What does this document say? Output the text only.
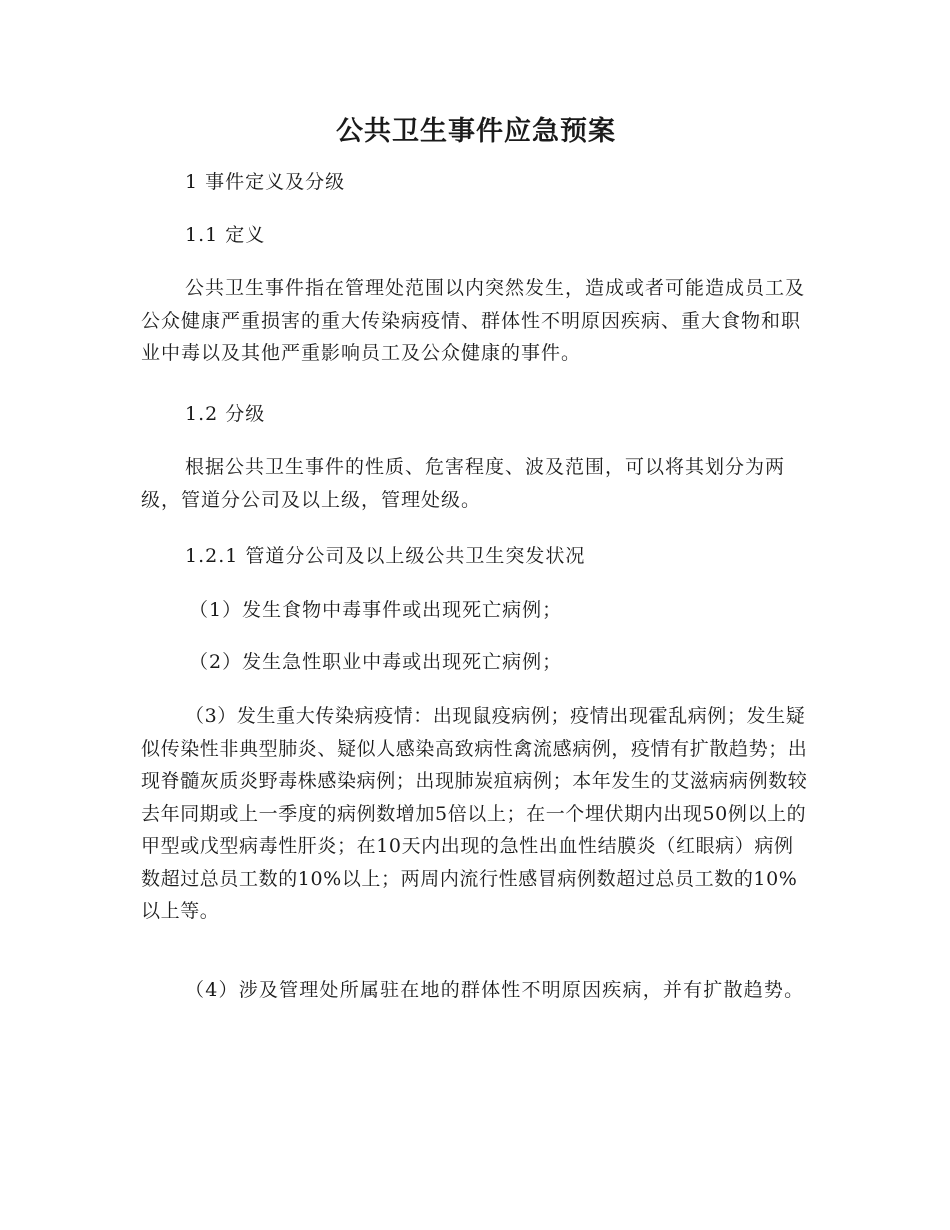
公共卫生事件应急预案

1 事件定义及分级

1.1 定义

公共卫生事件指在管理处范围以内突然发生，造成或者可能造成员工及公众健康严重损害的重大传染病疫情、群体性不明原因疾病、重大食物和职业中毒以及其他严重影响员工及公众健康的事件。

1.2 分级

根据公共卫生事件的性质、危害程度、波及范围，可以将其划分为两级，管道分公司及以上级，管理处级。

1.2.1 管道分公司及以上级公共卫生突发状况

（1）发生食物中毒事件或出现死亡病例；

（2）发生急性职业中毒或出现死亡病例；

（3）发生重大传染病疫情：出现鼠疫病例；疫情出现霍乱病例；发生疑似传染性非典型肺炎、疑似人感染高致病性禽流感病例，疫情有扩散趋势；出现脊髓灰质炎野毒株感染病例；出现肺炭疽病例；本年发生的艾滋病病例数较去年同期或上一季度的病例数增加5倍以上；在一个埋伏期内出现50例以上的甲型或戊型病毒性肝炎；在10天内出现的急性出血性结膜炎（红眼病）病例数超过总员工数的10%以上；两周内流行性感冒病例数超过总员工数的10%以上等。

（4）涉及管理处所属驻在地的群体性不明原因疾病，并有扩散趋势。
